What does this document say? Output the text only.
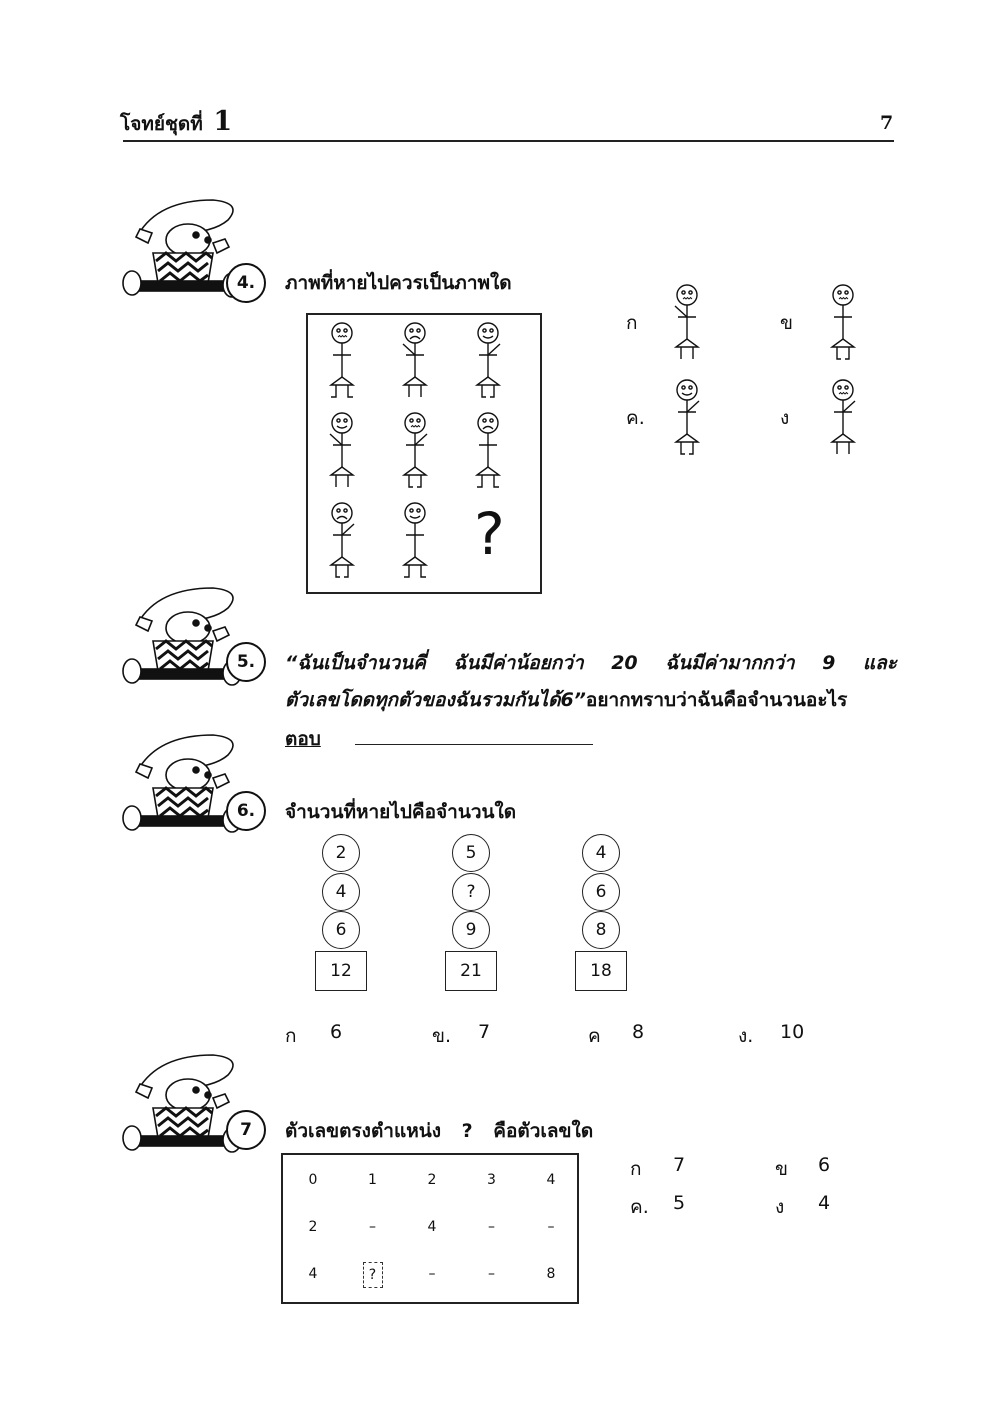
โจทย์ชุดที่ 1	7
4.	ภาพที่หายไปควรเป็นภาพใด
?
ก	ข
ค.	ง
5.	“ฉันเป็นจำนวนคี่ ฉันมีค่าน้อยกว่า 20 ฉันมีค่ามากกว่า 9 และ
ตัวเลขโดดทุกตัวของฉันรวมกันได้6”อยากทราบว่าฉันคือจำนวนอะไร
ตอบ
6.	จำนวนที่หายไปคือจำนวนใด
2
4
6
12
5
?
9
21
4
6
8
18
ก 6	ข. 7	ค 8	ง. 10
7	ตัวเลขตรงตำแหน่ง ? คือตัวเลขใด
0	1	2	3	4
2	–	4	–	–
4	?	–	–	8
ก 7	ข 6
ค. 5	ง 4
